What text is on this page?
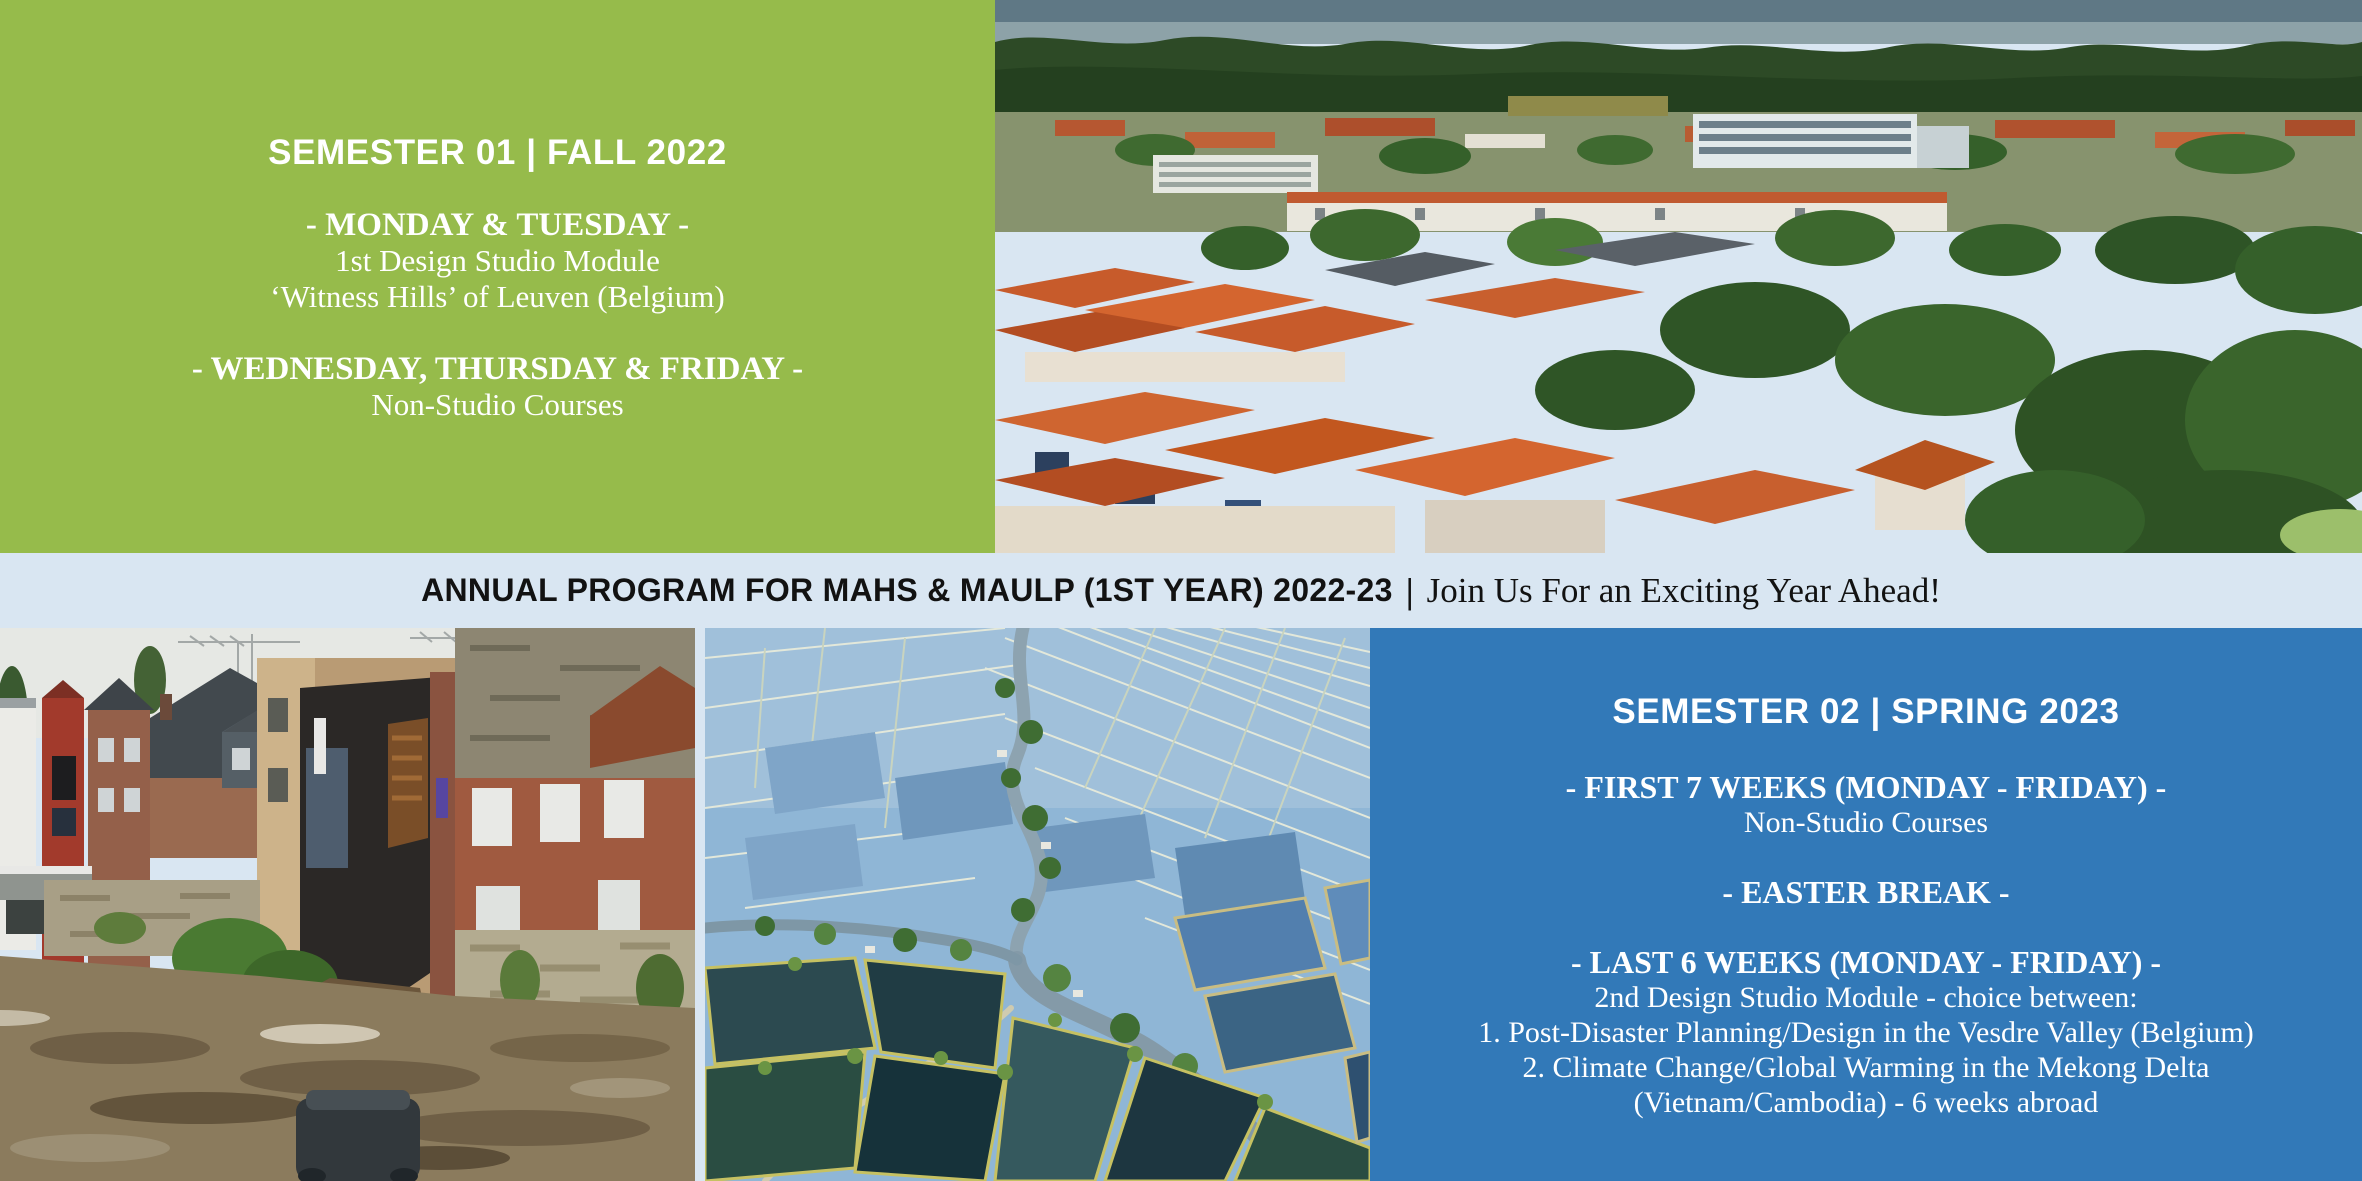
SEMESTER 01 | FALL 2022
- MONDAY & TUESDAY -
1st Design Studio Module
‘Witness Hills’ of Leuven (Belgium)
- WEDNESDAY, THURSDAY & FRIDAY -
Non-Studio Courses
ANNUAL PROGRAM FOR MAHS & MAULP (1ST YEAR) 2022-23 | Join Us For an Exciting Year Ahead!
SEMESTER 02 | SPRING 2023
- FIRST 7 WEEKS (MONDAY - FRIDAY) -
Non-Studio Courses
- EASTER BREAK -
- LAST 6 WEEKS (MONDAY - FRIDAY) -
2nd Design Studio Module - choice between:
1. Post-Disaster Planning/Design in the Vesdre Valley (Belgium)
2. Climate Change/Global Warming in the Mekong Delta
(Vietnam/Cambodia) - 6 weeks abroad
